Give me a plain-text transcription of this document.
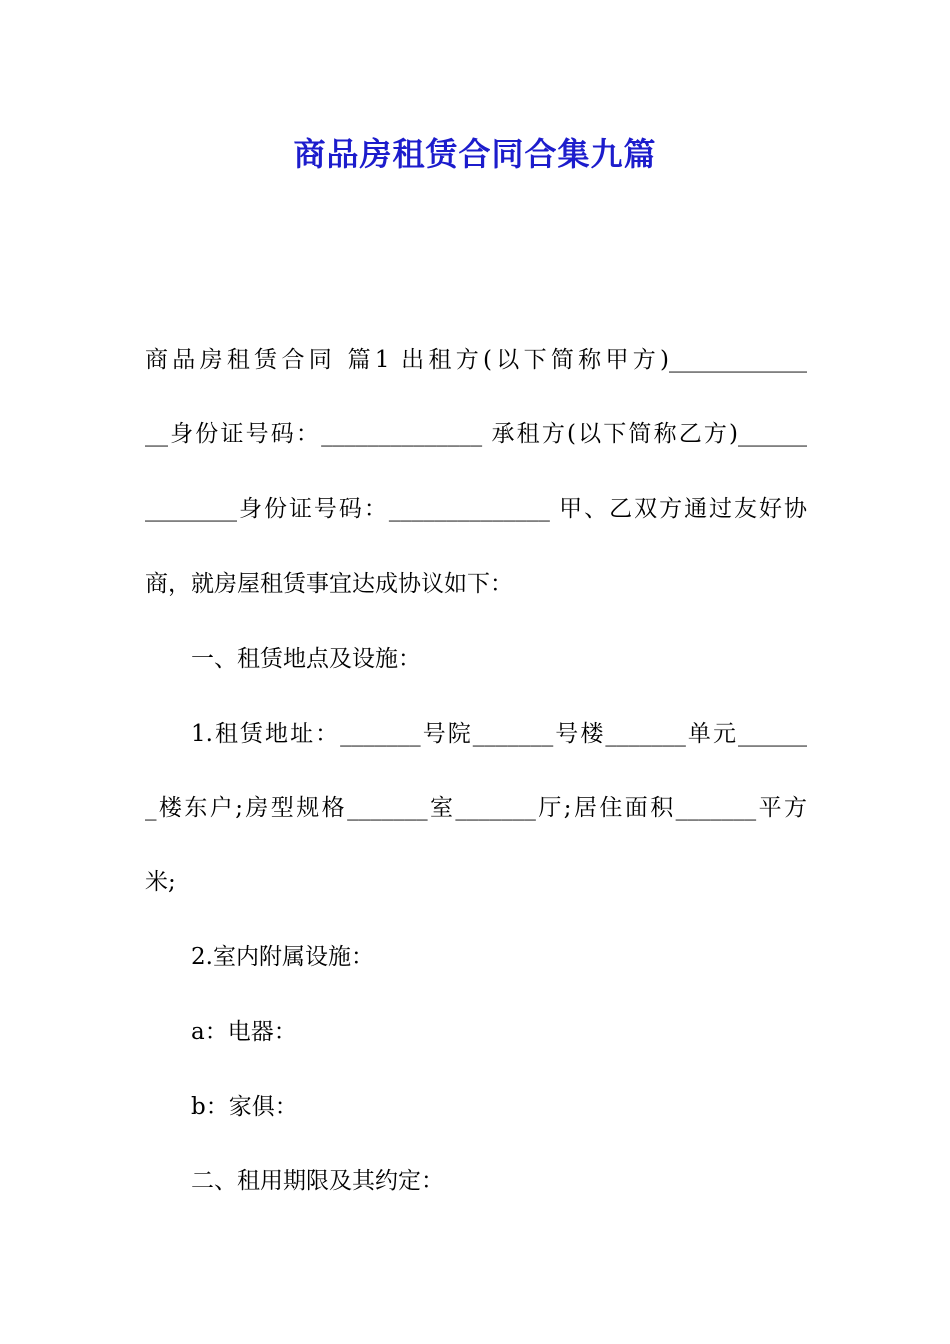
商品房租赁合同合集九篇
商品房租赁合同 篇1 出租方(以下简称甲方)____________
__身份证号码：______________ 承租方(以下简称乙方)______
________身份证号码：______________ 甲、乙双方通过友好协
商，就房屋租赁事宜达成协议如下：
一、租赁地点及设施：
1.租赁地址：_______号院_______号楼_______单元______
_楼东户;房型规格_______室_______厅;居住面积_______平方
米;
2.室内附属设施：
a：电器：
b：家俱：
二、租用期限及其约定：
